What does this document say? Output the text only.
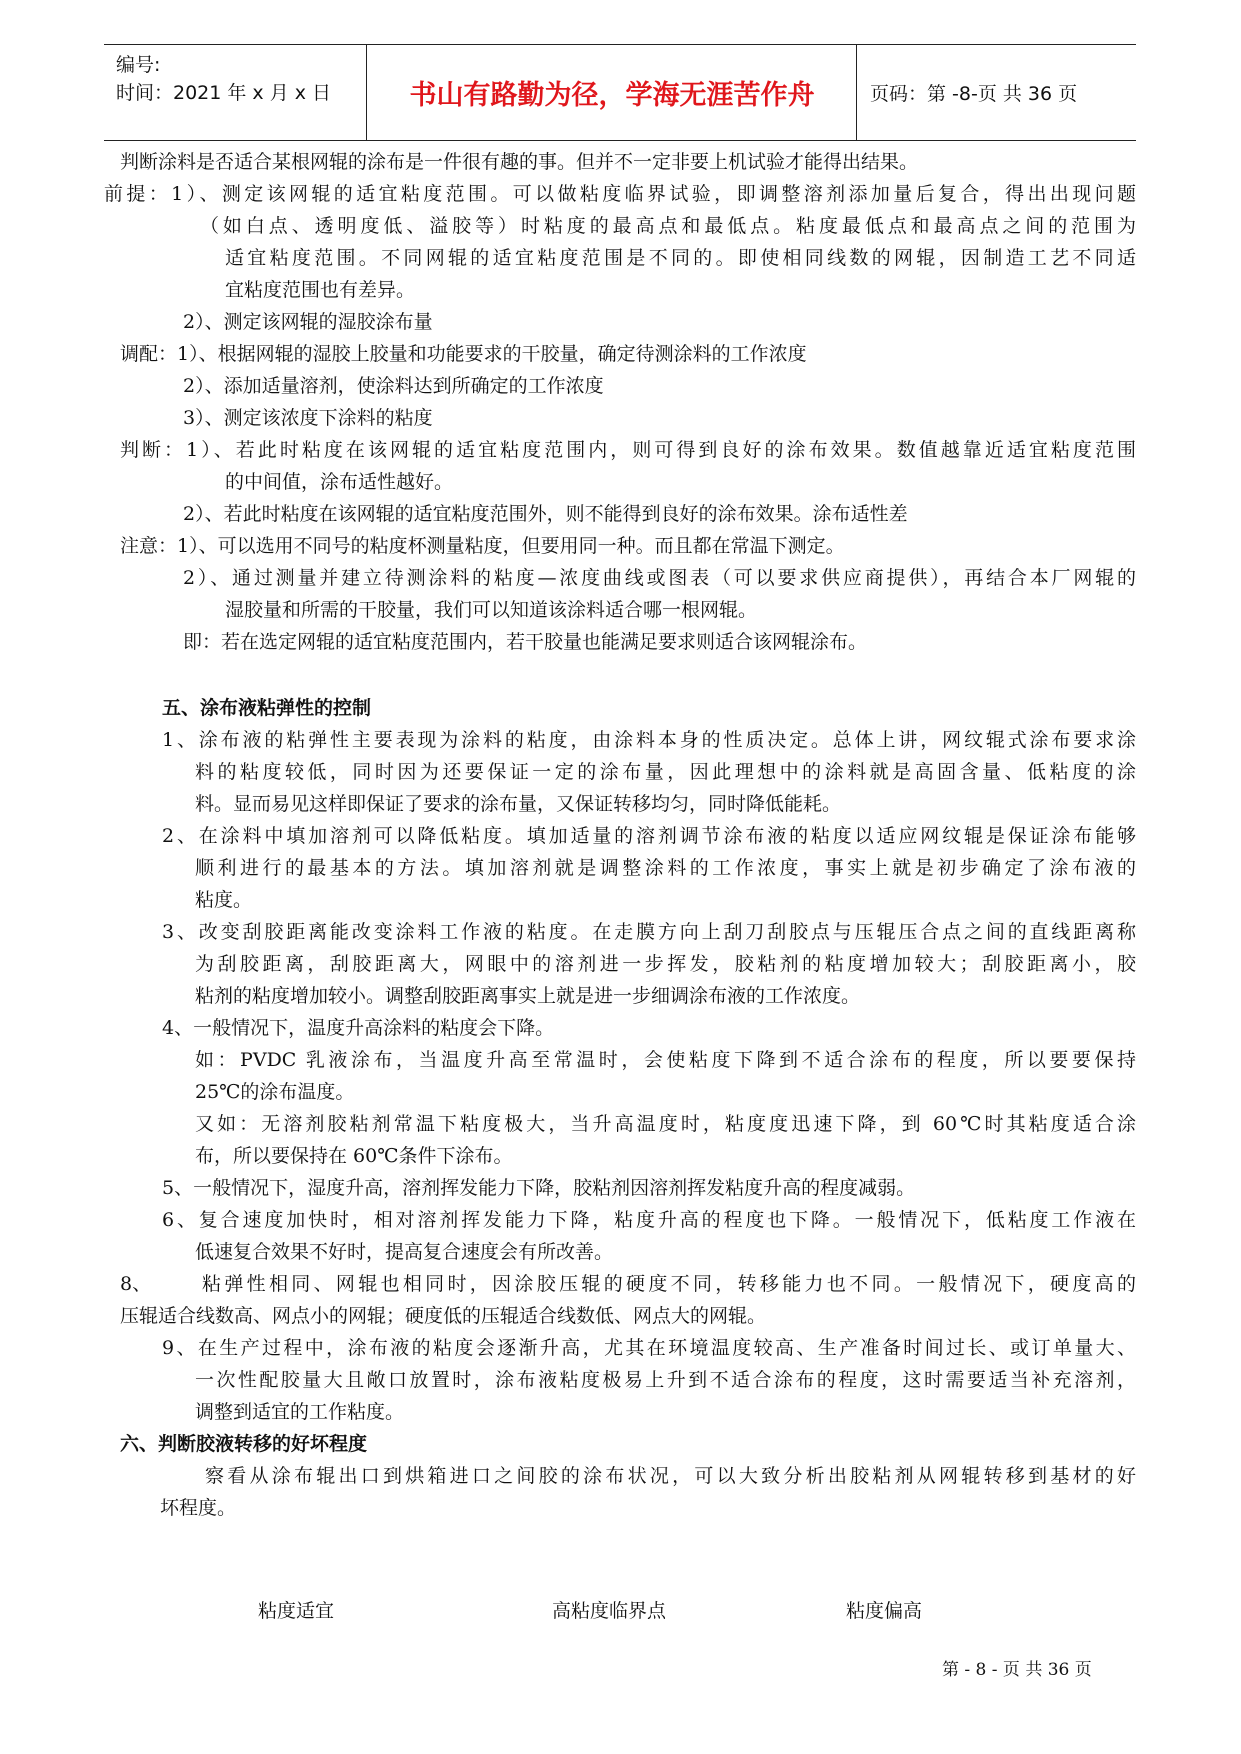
编号:
时间：2021 年 x 月 x 日	书山有路勤为径，学海无涯苦作舟	页码：第 -8-页 共 36 页
判断涂料是否适合某根网辊的涂布是一件很有趣的事。但并不一定非要上机试验才能得出结果。
前提：1）、测定该网辊的适宜粘度范围。可以做粘度临界试验，即调整溶剂添加量后复合，得出出现问题
（如白点、透明度低、溢胶等）时粘度的最高点和最低点。粘度最低点和最高点之间的范围为
适宜粘度范围。不同网辊的适宜粘度范围是不同的。即使相同线数的网辊，因制造工艺不同适
宜粘度范围也有差异。
2）、测定该网辊的湿胶涂布量
调配：1）、根据网辊的湿胶上胶量和功能要求的干胶量，确定待测涂料的工作浓度
2）、添加适量溶剂，使涂料达到所确定的工作浓度
3）、测定该浓度下涂料的粘度
判断：1）、若此时粘度在该网辊的适宜粘度范围内，则可得到良好的涂布效果。数值越靠近适宜粘度范围
的中间值，涂布适性越好。
2）、若此时粘度在该网辊的适宜粘度范围外，则不能得到良好的涂布效果。涂布适性差
注意：1）、可以选用不同号的粘度杯测量粘度，但要用同一种。而且都在常温下测定。
2）、通过测量并建立待测涂料的粘度—浓度曲线或图表（可以要求供应商提供），再结合本厂网辊的
湿胶量和所需的干胶量，我们可以知道该涂料适合哪一根网辊。
即：若在选定网辊的适宜粘度范围内，若干胶量也能满足要求则适合该网辊涂布。
五、涂布液粘弹性的控制
1、涂布液的粘弹性主要表现为涂料的粘度，由涂料本身的性质决定。总体上讲，网纹辊式涂布要求涂
料的粘度较低，同时因为还要保证一定的涂布量，因此理想中的涂料就是高固含量、低粘度的涂
料。显而易见这样即保证了要求的涂布量，又保证转移均匀，同时降低能耗。
2、在涂料中填加溶剂可以降低粘度。填加适量的溶剂调节涂布液的粘度以适应网纹辊是保证涂布能够
顺利进行的最基本的方法。填加溶剂就是调整涂料的工作浓度，事实上就是初步确定了涂布液的
粘度。
3、改变刮胶距离能改变涂料工作液的粘度。在走膜方向上刮刀刮胶点与压辊压合点之间的直线距离称
为刮胶距离，刮胶距离大，网眼中的溶剂进一步挥发，胶粘剂的粘度增加较大；刮胶距离小，胶
粘剂的粘度增加较小。调整刮胶距离事实上就是进一步细调涂布液的工作浓度。
4、一般情况下，温度升高涂料的粘度会下降。
如：PVDC 乳液涂布，当温度升高至常温时，会使粘度下降到不适合涂布的程度，所以要要保持
25℃的涂布温度。
又如：无溶剂胶粘剂常温下粘度极大，当升高温度时，粘度度迅速下降，到 60℃时其粘度适合涂
布，所以要保持在 60℃条件下涂布。
5、一般情况下，湿度升高，溶剂挥发能力下降，胶粘剂因溶剂挥发粘度升高的程度减弱。
6、复合速度加快时，相对溶剂挥发能力下降，粘度升高的程度也下降。一般情况下，低粘度工作液在
低速复合效果不好时，提高复合速度会有所改善。
8、	粘弹性相同、网辊也相同时，因涂胶压辊的硬度不同，转移能力也不同。一般情况下，硬度高的
压辊适合线数高、网点小的网辊；硬度低的压辊适合线数低、网点大的网辊。
9、在生产过程中，涂布液的粘度会逐渐升高，尤其在环境温度较高、生产准备时间过长、或订单量大、
一次性配胶量大且敞口放置时，涂布液粘度极易上升到不适合涂布的程度，这时需要适当补充溶剂，
调整到适宜的工作粘度。
六、判断胶液转移的好坏程度
察看从涂布辊出口到烘箱进口之间胶的涂布状况，可以大致分析出胶粘剂从网辊转移到基材的好
坏程度。
粘度适宜	高粘度临界点	粘度偏高
第 - 8 - 页 共 36 页
